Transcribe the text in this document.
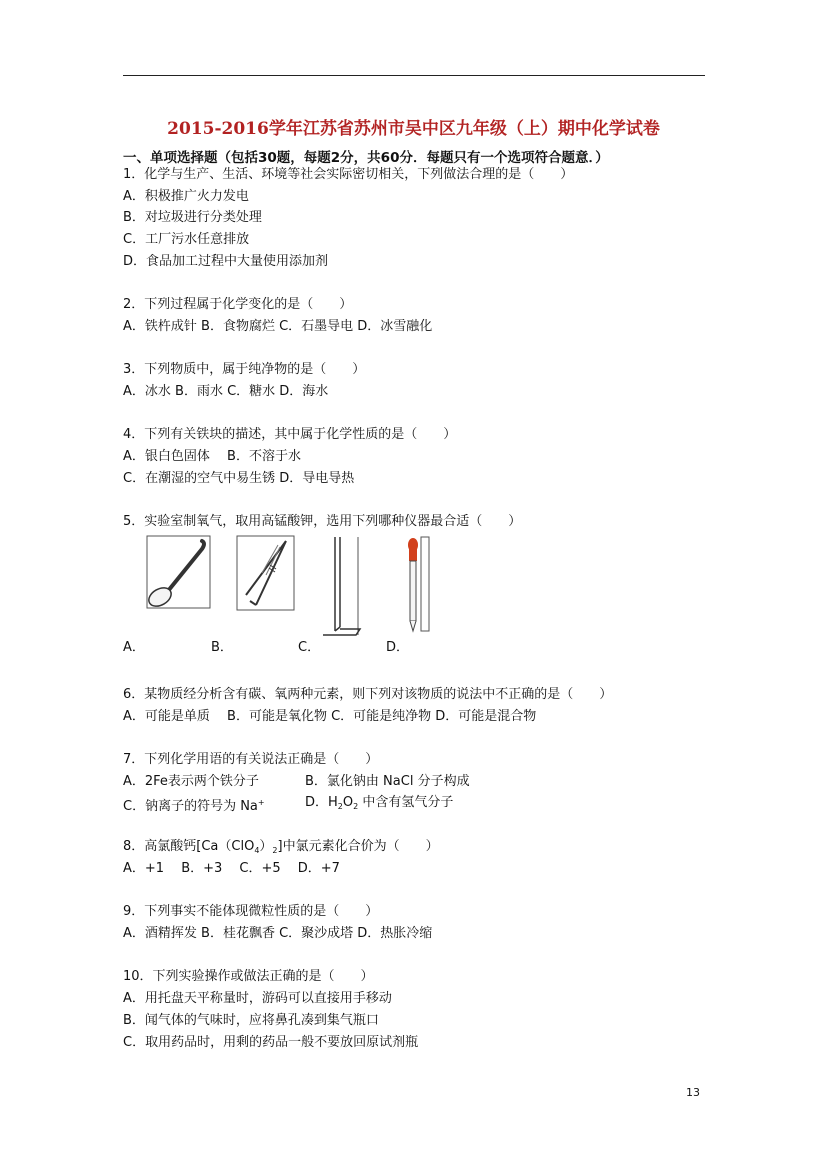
2015-2016学年江苏省苏州市吴中区九年级（上）期中化学试卷
一、单项选择题（包括30题，每题2分，共60分．每题只有一个选项符合题意．）
1．化学与生产、生活、环境等社会实际密切相关，下列做法合理的是（　　）
A．积极推广火力发电
B．对垃圾进行分类处理
C．工厂污水任意排放
D．食品加工过程中大量使用添加剂
2．下列过程属于化学变化的是（　　）
A．铁杵成针 B．食物腐烂 C．石墨导电 D．冰雪融化
3．下列物质中，属于纯净物的是（　　）
A．冰水 B．雨水 C．糖水 D．海水
4．下列有关铁块的描述，其中属于化学性质的是（　　）
A．银白色固体　 B．不溶于水
C．在潮湿的空气中易生锈 D．导电导热
5．实验室制氧气，取用高锰酸钾，选用下列哪种仪器最合适（　　）
A．	B．	C．	D．
6．某物质经分析含有碳、氧两种元素，则下列对该物质的说法中不正确的是（　　）
A．可能是单质　 B．可能是氧化物 C．可能是纯净物 D．可能是混合物
7．下列化学用语的有关说法正确是（　　）
A．2Fe表示两个铁分子	B．氯化钠由 NaCl 分子构成
C．钠离子的符号为 Na+	D．$H_2O_2$ 中含有氢气分子
8．高氯酸钙$[Ca(ClO_4)_2]$中氯元素化合价为（　　）
A．+1　 B．+3　 C．+5　 D．+7
9．下列事实不能体现微粒性质的是（　　）
A．酒精挥发 B．桂花飘香 C．聚沙成塔 D．热胀冷缩
10．下列实验操作或做法正确的是（　　）
A．用托盘天平称量时，游码可以直接用手移动
B．闻气体的气味时，应将鼻孔凑到集气瓶口
C．取用药品时，用剩的药品一般不要放回原试剂瓶
13
